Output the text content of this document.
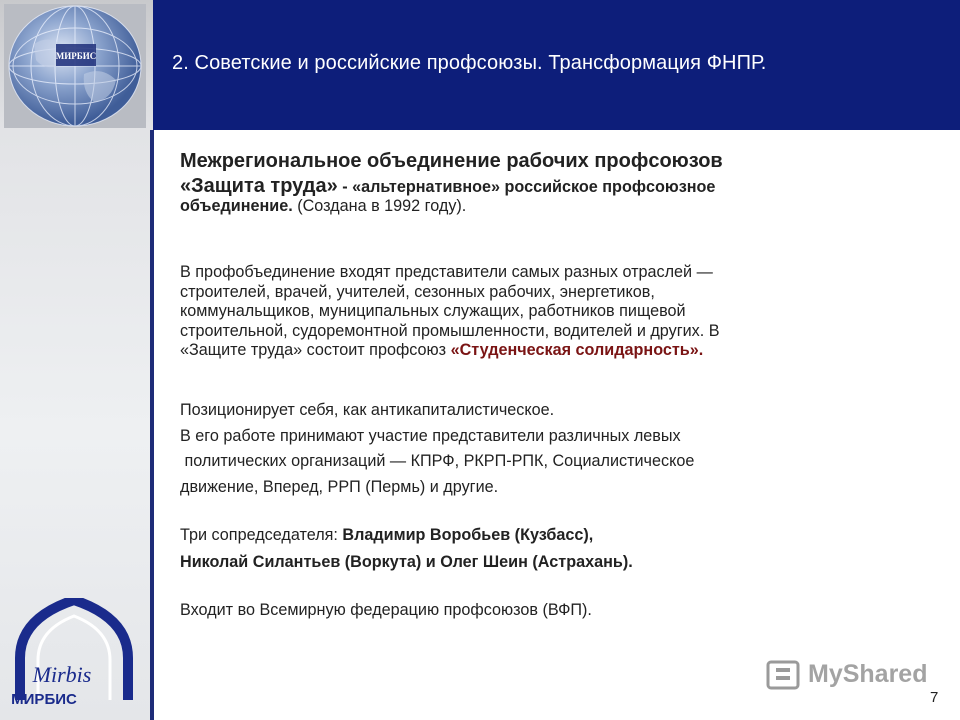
МИРБИС	2. Советские и российские профсоюзы. Трансформация ФНПР.
Межрегиональное объединение рабочих профсоюзов
«Защита труда» - «альтернативное» российское профсоюзное
объединение. (Создана в 1992 году).
В профобъединение входят представители самых разных отраслей —
строителей, врачей, учителей, сезонных рабочих, энергетиков,
коммунальщиков, муниципальных служащих, работников пищевой
строительной, судоремонтной промышленности, водителей и других. В
«Защите труда» состоит профсоюз «Студенческая солидарность».
Позиционирует себя, как антикапиталистическое.
В его работе принимают участие представители различных левых
политических организаций — КПРФ, РКРП-РПК, Социалистическое
движение, Вперед, РРП (Пермь) и другие.
Три сопредседателя: Владимир Воробьев (Кузбасс),
Николай Силантьев (Воркута) и Олег Шеин (Астрахань).
Входит во Всемирную федерацию профсоюзов (ВФП).
Mirbis
МИРБИС
MyShared
7
